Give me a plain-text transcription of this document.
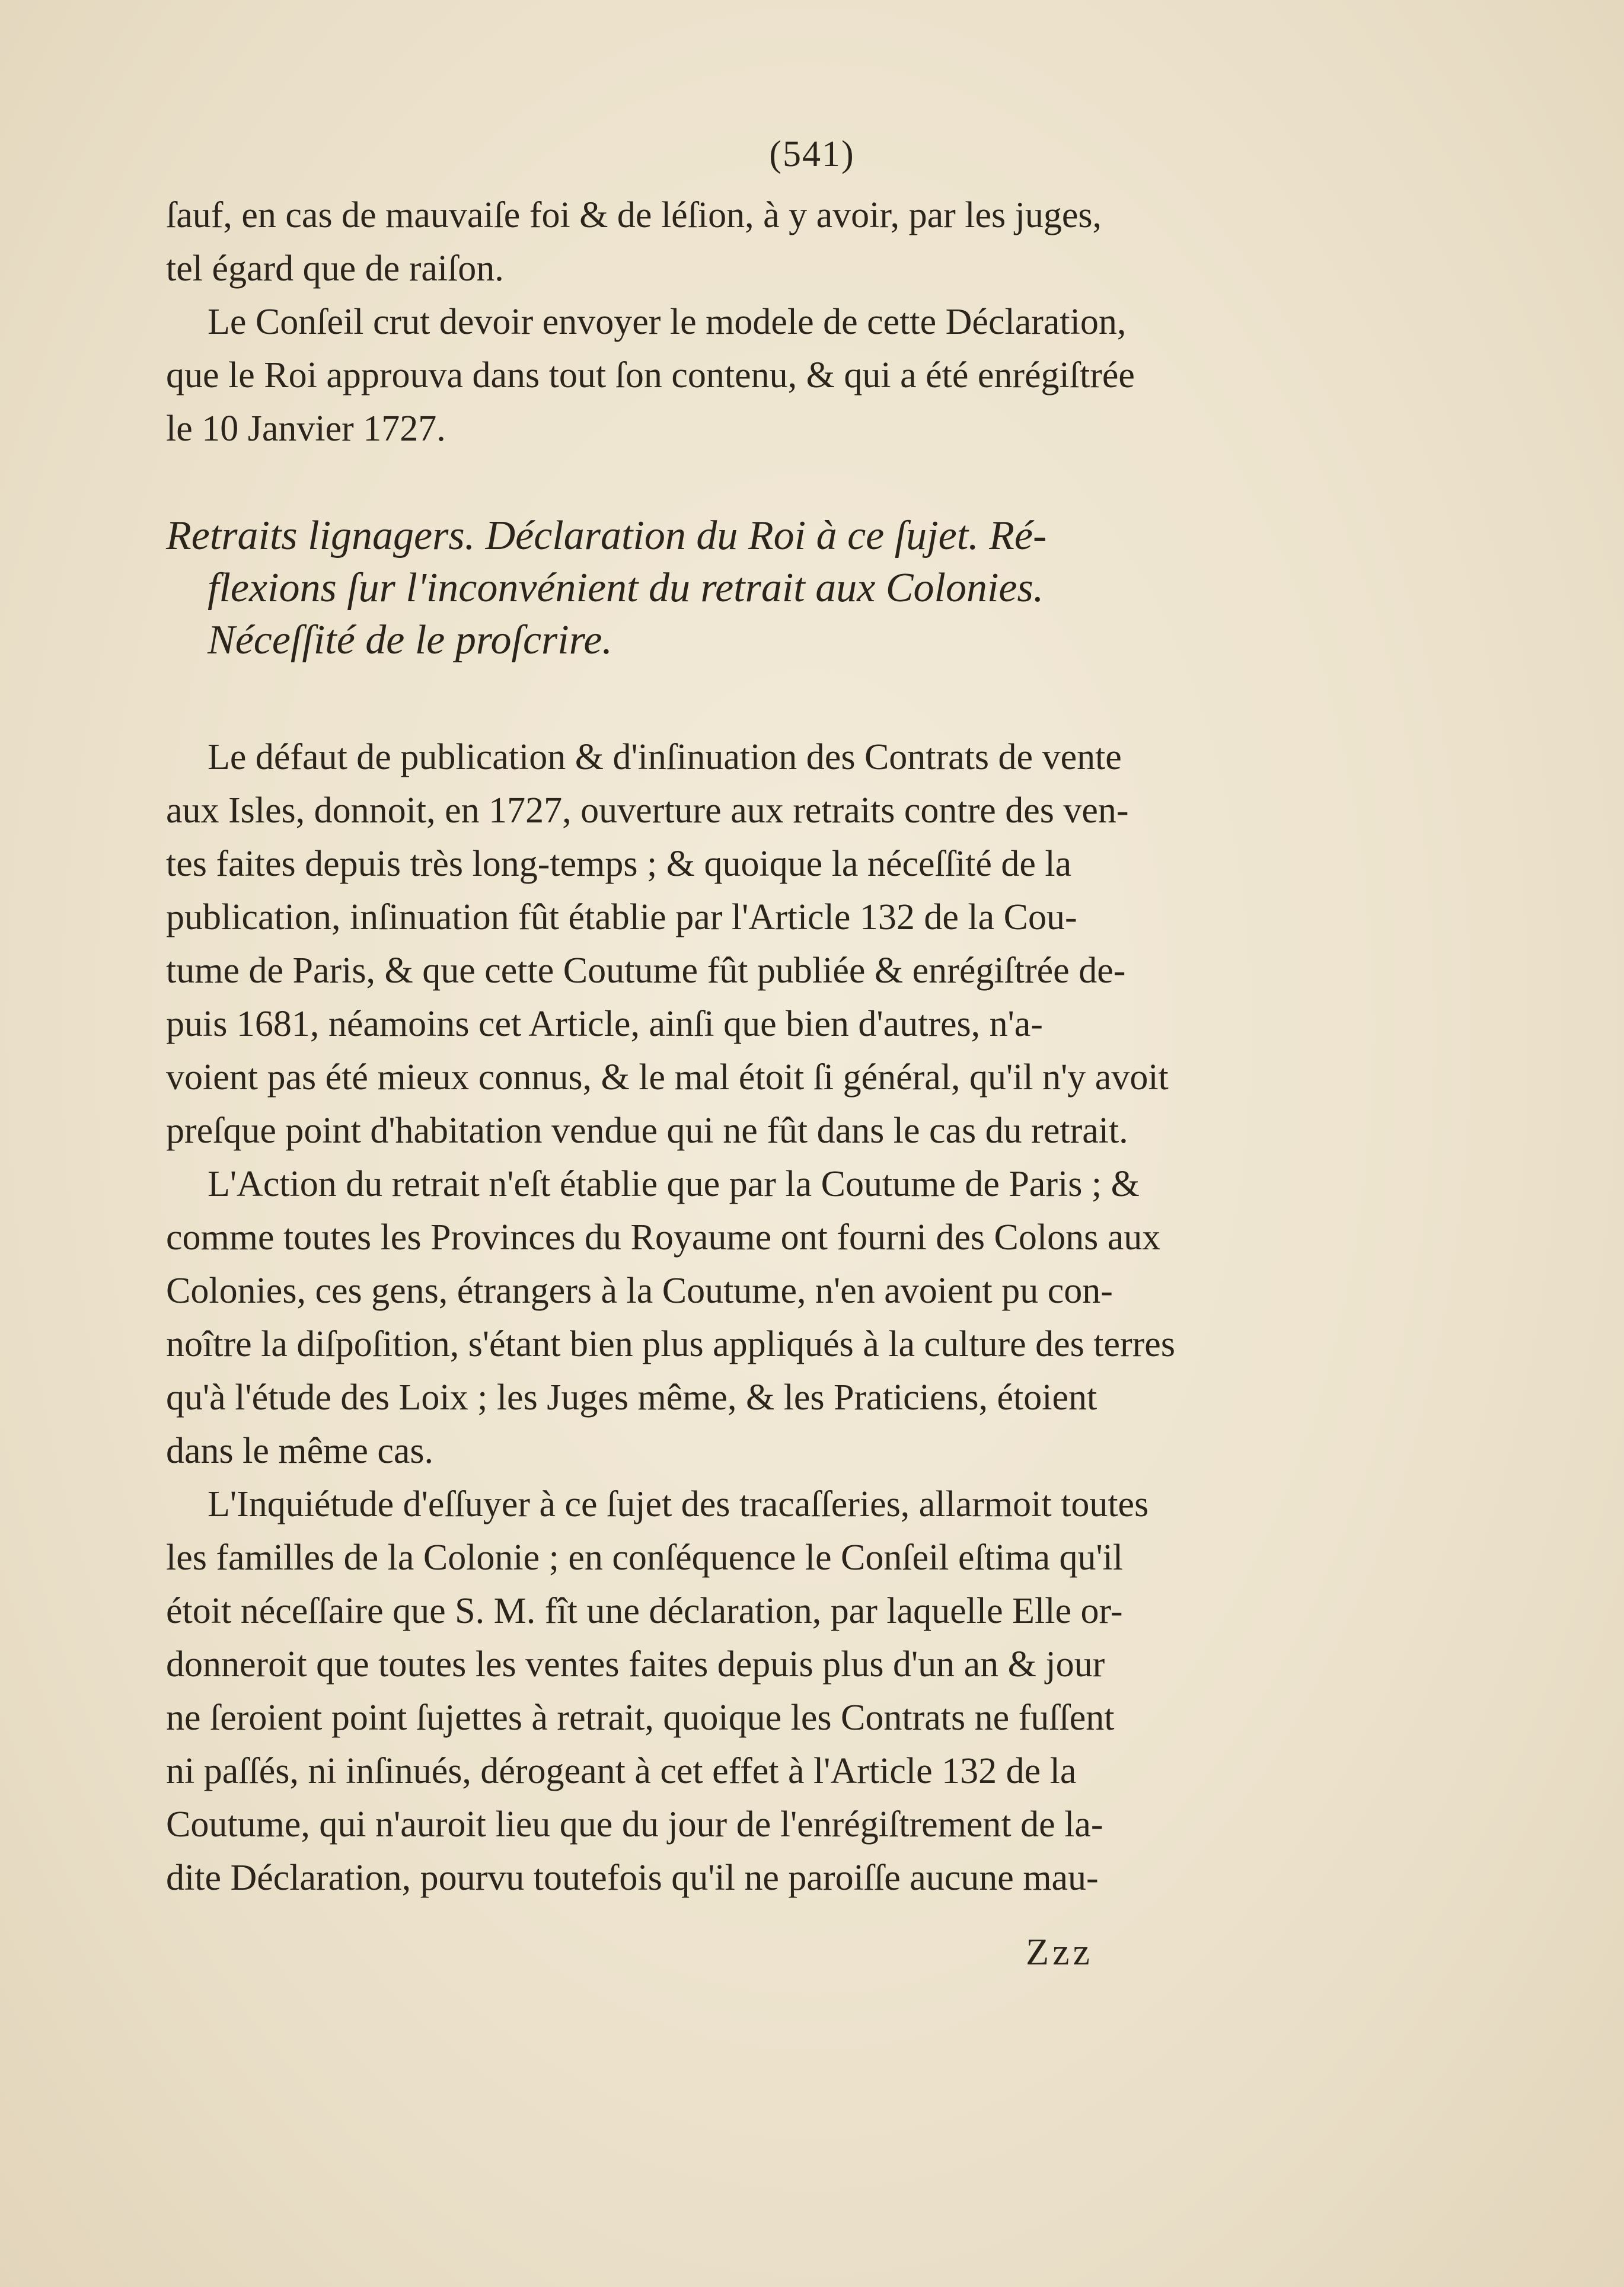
(541)

ſauf, en cas de mauvaiſe foi & de léſion, à y avoir, par les juges,
tel égard que de raiſon.

Le Conſeil crut devoir envoyer le modele de cette Déclaration,
que le Roi approuva dans tout ſon contenu, & qui a été enrégiſtrée
le 10 Janvier 1727.

Retraits lignagers. Déclaration du Roi à ce ſujet. Ré-
flexions ſur l'inconvénient du retrait aux Colonies.
Néceſſité de le proſcrire.

Le défaut de publication & d'inſinuation des Contrats de vente
aux Isles, donnoit, en 1727, ouverture aux retraits contre des ven-
tes faites depuis très long-temps ; & quoique la néceſſité de la
publication, inſinuation fût établie par l'Article 132 de la Cou-
tume de Paris, & que cette Coutume fût publiée & enrégiſtrée de-
puis 1681, néamoins cet Article, ainſi que bien d'autres, n'a-
voient pas été mieux connus, & le mal étoit ſi général, qu'il n'y avoit
preſque point d'habitation vendue qui ne fût dans le cas du retrait.

L'Action du retrait n'eſt établie que par la Coutume de Paris ; &
comme toutes les Provinces du Royaume ont fourni des Colons aux
Colonies, ces gens, étrangers à la Coutume, n'en avoient pu con-
noître la diſpoſition, s'étant bien plus appliqués à la culture des terres
qu'à l'étude des Loix ; les Juges même, & les Praticiens, étoient
dans le même cas.

L'Inquiétude d'eſſuyer à ce ſujet des tracaſſeries, allarmoit toutes
les familles de la Colonie ; en conſéquence le Conſeil eſtima qu'il
étoit néceſſaire que S. M. fît une déclaration, par laquelle Elle or-
donneroit que toutes les ventes faites depuis plus d'un an & jour
ne ſeroient point ſujettes à retrait, quoique les Contrats ne fuſſent
ni paſſés, ni inſinués, dérogeant à cet effet à l'Article 132 de la
Coutume, qui n'auroit lieu que du jour de l'enrégiſtrement de la-
dite Déclaration, pourvu toutefois qu'il ne paroiſſe aucune mau-

Zzz
